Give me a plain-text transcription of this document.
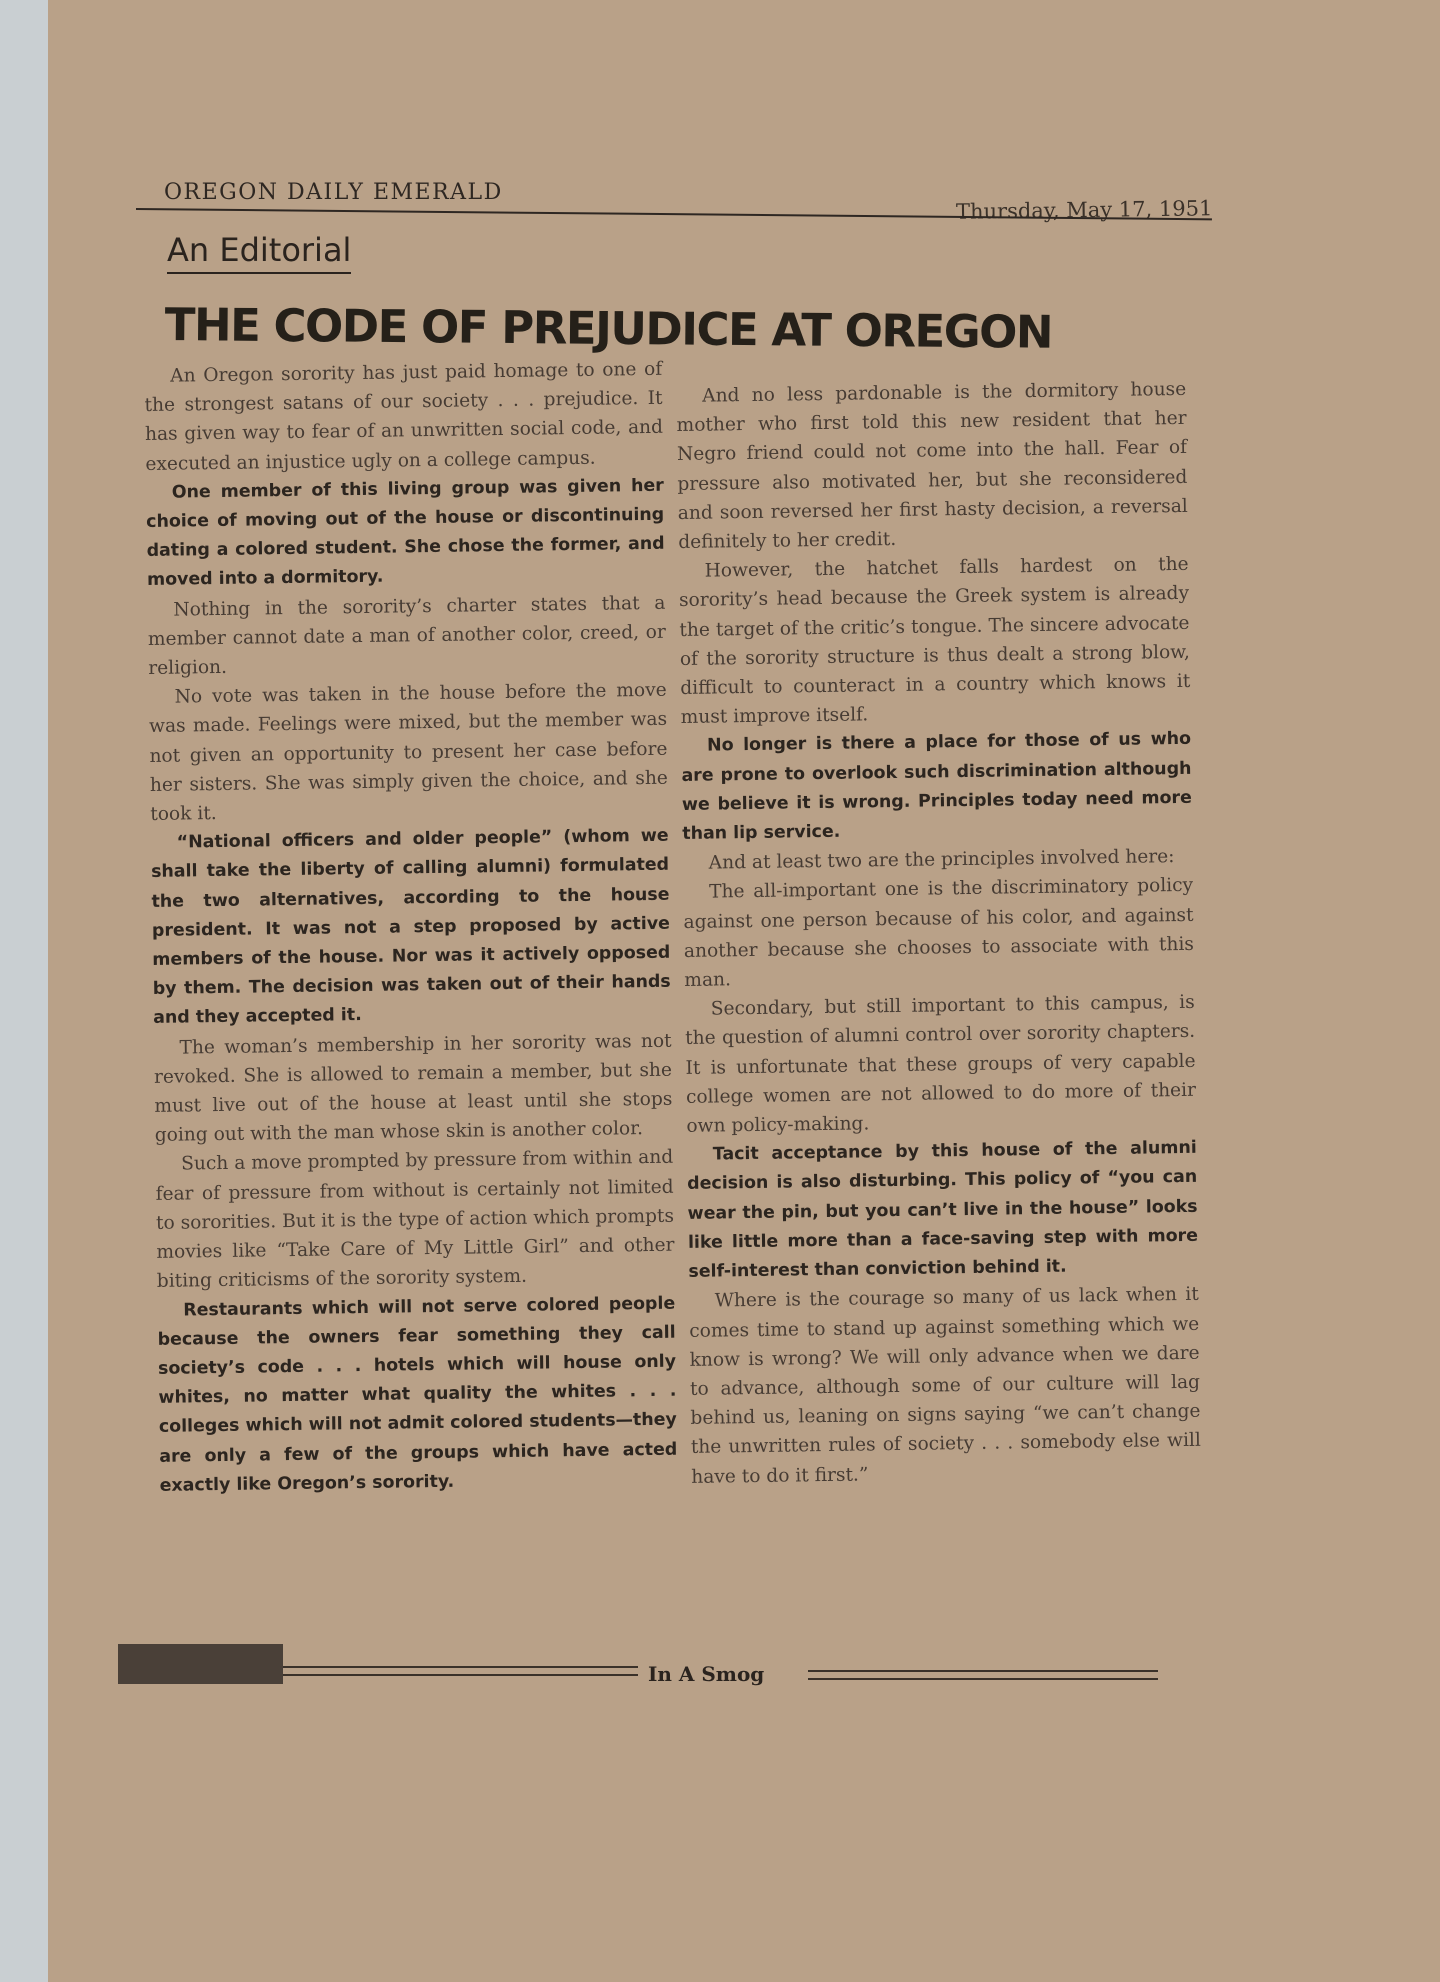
OREGON DAILY EMERALD
Thursday, May 17, 1951
An Editorial
THE CODE OF PREJUDICE AT OREGON

An Oregon sorority has just paid homage to one of the strongest satans of our society . . . prejudice. It has given way to fear of an unwritten social code, and executed an injustice ugly on a college campus.

One member of this living group was given her choice of moving out of the house or discontinuing dating a colored student. She chose the former, and moved into a dormitory.

Nothing in the sorority’s charter states that a member cannot date a man of another color, creed, or religion.

No vote was taken in the house before the move was made. Feelings were mixed, but the member was not given an opportunity to present her case before her sisters. She was simply given the choice, and she took it.

“National officers and older people” (whom we shall take the liberty of calling alumni) formulated the two alternatives, according to the house president. It was not a step proposed by active members of the house. Nor was it actively opposed by them. The decision was taken out of their hands and they accepted it.

The woman’s membership in her sorority was not revoked. She is allowed to remain a member, but she must live out of the house at least until she stops going out with the man whose skin is another color.

Such a move prompted by pressure from within and fear of pressure from without is certainly not limited to sororities. But it is the type of action which prompts movies like “Take Care of My Little Girl” and other biting criticisms of the sorority system.

Restaurants which will not serve colored people because the owners fear something they call society’s code . . . hotels which will house only whites, no matter what quality the whites . . . colleges which will not admit colored students—they are only a few of the groups which have acted exactly like Oregon’s sorority.

And no less pardonable is the dormitory house mother who first told this new resident that her Negro friend could not come into the hall. Fear of pressure also motivated her, but she reconsidered and soon reversed her first hasty decision, a reversal definitely to her credit.

However, the hatchet falls hardest on the sorority’s head because the Greek system is already the target of the critic’s tongue. The sincere advocate of the sorority structure is thus dealt a strong blow, difficult to counteract in a country which knows it must improve itself.

No longer is there a place for those of us who are prone to overlook such discrimination although we believe it is wrong. Principles today need more than lip service.

And at least two are the principles involved here:

The all-important one is the discriminatory policy against one person because of his color, and against another because she chooses to associate with this man.

Secondary, but still important to this campus, is the question of alumni control over sorority chapters. It is unfortunate that these groups of very capable college women are not allowed to do more of their own policy-making.

Tacit acceptance by this house of the alumni decision is also disturbing. This policy of “you can wear the pin, but you can’t live in the house” looks like little more than a face-saving step with more self-interest than conviction behind it.

Where is the courage so many of us lack when it comes time to stand up against something which we know is wrong? We will only advance when we dare to advance, although some of our culture will lag behind us, leaning on signs saying “we can’t change the unwritten rules of society . . . somebody else will have to do it first.”

In A Smog
